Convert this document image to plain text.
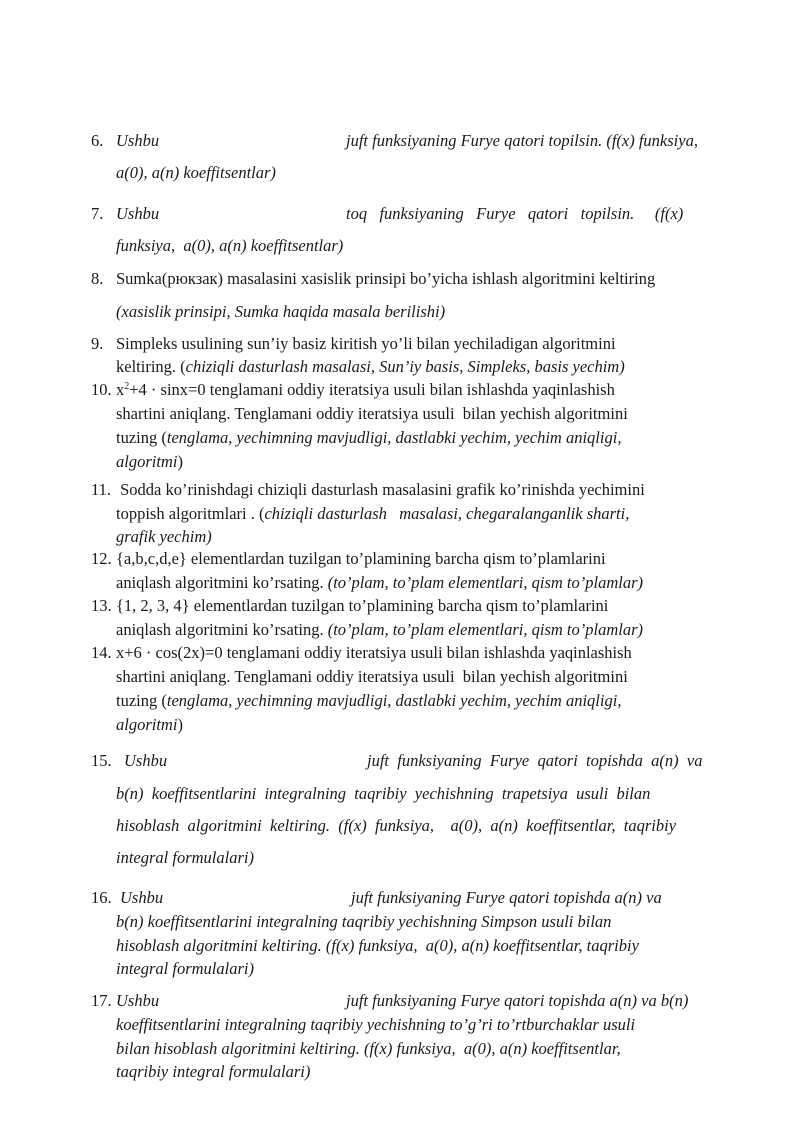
6. Ushbu	juft funksiyaning Furye qatori topilsin. (f(x) funksiya,
a(0), a(n) koeffitsentlar)
7. Ushbu	toq   funksiyaning   Furye   qatori   topilsin.     (f(x)
funksiya,  a(0), a(n) koeffitsentlar)
8. Sumka(рюкзак) masalasini xasislik prinsipi bo’yicha ishlash algoritmini keltiring
(xasislik prinsipi, Sumka haqida masala berilishi)
9. Simpleks usulining sun’iy basiz kiritish yo’li bilan yechiladigan algoritmini
keltiring. (chiziqli dasturlash masalasi, Sun’iy basis, Simpleks, basis yechim)
10. $x^2+4 \cdot \sin x=0$ tenglamani oddiy iteratsiya usuli bilan ishlashda yaqinlashish
shartini aniqlang. Tenglamani oddiy iteratsiya usuli  bilan yechish algoritmini
tuzing (tenglama, yechimning mavjudligi, dastlabki yechim, yechim aniqligi,
algoritmi)
11. Sodda ko’rinishdagi chiziqli dasturlash masalasini grafik ko’rinishda yechimini
toppish algoritmlari . (chiziqli dasturlash   masalasi, chegaralanganlik sharti,
grafik yechim)
12. {a,b,c,d,e} elementlardan tuzilgan to’plamining barcha qism to’plamlarini
aniqlash algoritmini ko’rsating. (to’plam, to’plam elementlari, qism to’plamlar)
13. {1, 2, 3, 4} elementlardan tuzilgan to’plamining barcha qism to’plamlarini
aniqlash algoritmini ko’rsating. (to’plam, to’plam elementlari, qism to’plamlar)
14. x+6 · cos(2x)=0 tenglamani oddiy iteratsiya usuli bilan ishlashda yaqinlashish
shartini aniqlang. Tenglamani oddiy iteratsiya usuli  bilan yechish algoritmini
tuzing (tenglama, yechimning mavjudligi, dastlabki yechim, yechim aniqligi,
algoritmi)
15. Ushbu	juft  funksiyaning  Furye  qatori  topishda  a(n)  va
b(n)  koeffitsentlarini  integralning  taqribiy  yechishning  trapetsiya  usuli  bilan
hisoblash  algoritmini  keltiring.  (f(x)  funksiya,    a(0),  a(n)  koeffitsentlar,  taqribiy
integral formulalari)
16. Ushbu	juft funksiyaning Furye qatori topishda a(n) va
b(n) koeffitsentlarini integralning taqribiy yechishning Simpson usuli bilan
hisoblash algoritmini keltiring. (f(x) funksiya,  a(0), a(n) koeffitsentlar, taqribiy
integral formulalari)
17. Ushbu	juft funksiyaning Furye qatori topishda a(n) va b(n)
koeffitsentlarini integralning taqribiy yechishning to’g’ri to’rtburchaklar usuli
bilan hisoblash algoritmini keltiring. (f(x) funksiya,  a(0), a(n) koeffitsentlar,
taqribiy integral formulalari)
